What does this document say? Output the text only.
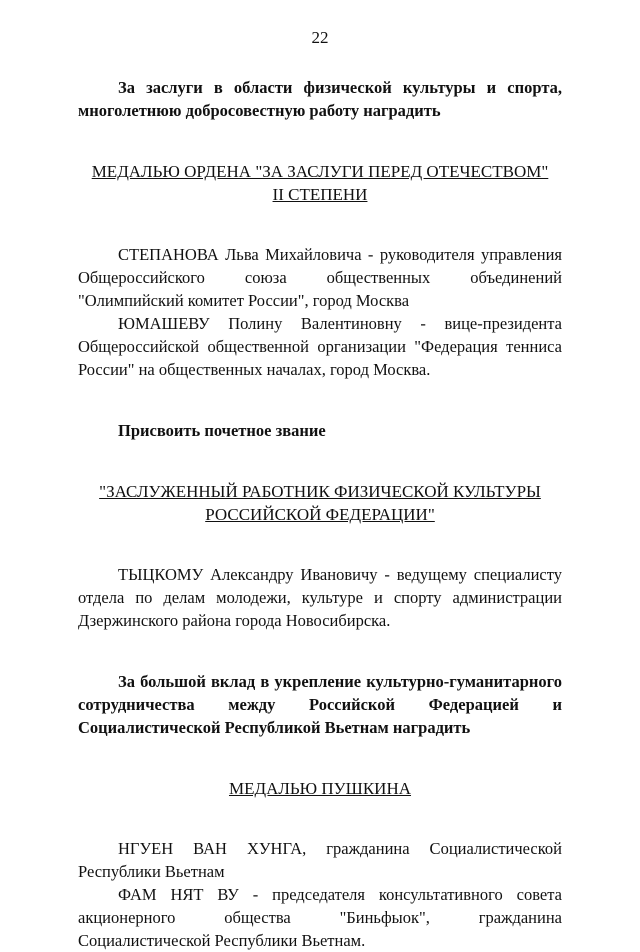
22

За заслуги в области физической культуры и спорта, многолетнюю добросовестную работу наградить

МЕДАЛЬЮ ОРДЕНА "ЗА ЗАСЛУГИ ПЕРЕД ОТЕЧЕСТВОМ"

II СТЕПЕНИ

СТЕПАНОВА Льва Михайловича - руководителя управления Общероссийского союза общественных объединений "Олимпийский комитет России", город Москва

ЮМАШЕВУ Полину Валентиновну - вице-президента Общероссийской общественной организации "Федерация тенниса России" на общественных началах, город Москва.

Присвоить почетное звание

"ЗАСЛУЖЕННЫЙ РАБОТНИК ФИЗИЧЕСКОЙ КУЛЬТУРЫ

РОССИЙСКОЙ ФЕДЕРАЦИИ"

ТЫЦКОМУ Александру Ивановичу - ведущему специалисту отдела по делам молодежи, культуре и спорту администрации Дзержинского района города Новосибирска.

За большой вклад в укрепление культурно-гуманитарного сотрудничества между Российской Федерацией и Социалистической Республикой Вьетнам наградить

МЕДАЛЬЮ ПУШКИНА

НГУЕН ВАН ХУНГА, гражданина Социалистической Республики Вьетнам

ФАМ НЯТ ВУ - председателя консультативного совета акционерного общества "Биньфыок", гражданина Социалистической Республики Вьетнам.
